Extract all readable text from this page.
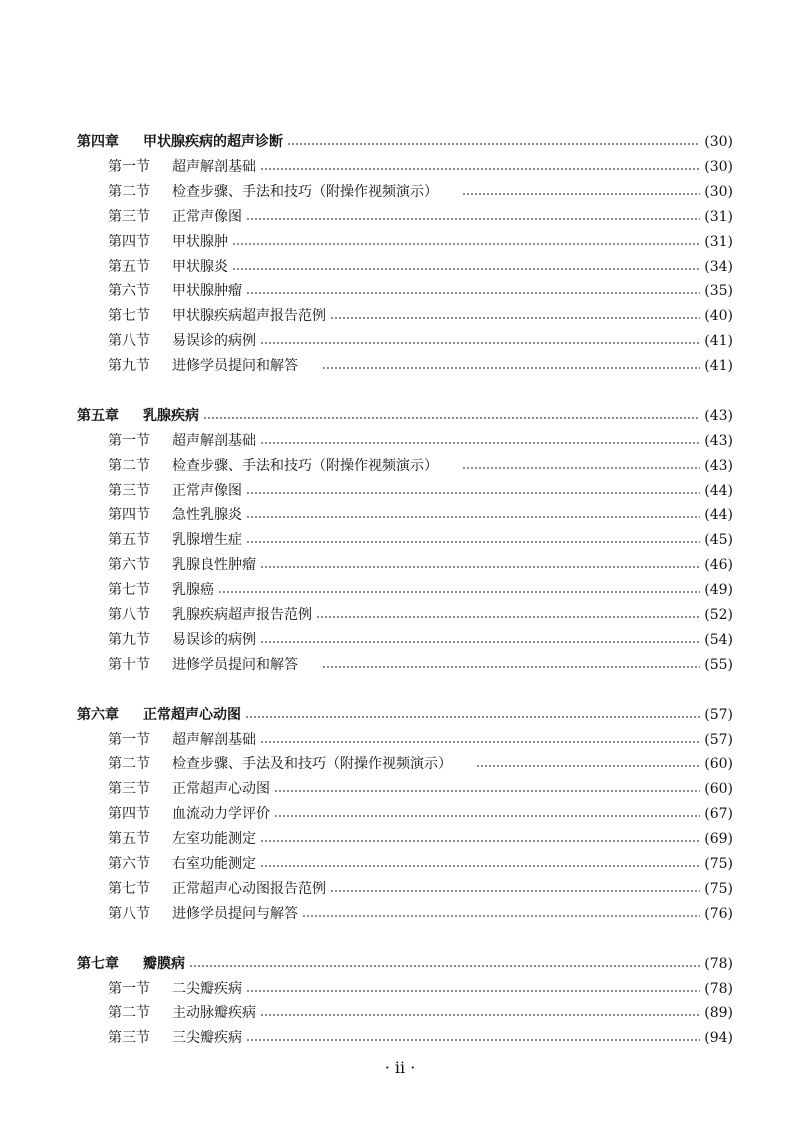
第四章	甲状腺疾病的超声诊断	(30)
第一节	超声解剖基础	(30)
第二节	检查步骤、手法和技巧（附操作视频演示）	(30)
第三节	正常声像图	(31)
第四节	甲状腺肿	(31)
第五节	甲状腺炎	(34)
第六节	甲状腺肿瘤	(35)
第七节	甲状腺疾病超声报告范例	(40)
第八节	易误诊的病例	(41)
第九节	进修学员提问和解答	(41)
第五章	乳腺疾病	(43)
第一节	超声解剖基础	(43)
第二节	检查步骤、手法和技巧（附操作视频演示）	(43)
第三节	正常声像图	(44)
第四节	急性乳腺炎	(44)
第五节	乳腺增生症	(45)
第六节	乳腺良性肿瘤	(46)
第七节	乳腺癌	(49)
第八节	乳腺疾病超声报告范例	(52)
第九节	易误诊的病例	(54)
第十节	进修学员提问和解答	(55)
第六章	正常超声心动图	(57)
第一节	超声解剖基础	(57)
第二节	检查步骤、手法及和技巧（附操作视频演示）	(60)
第三节	正常超声心动图	(60)
第四节	血流动力学评价	(67)
第五节	左室功能测定	(69)
第六节	右室功能测定	(75)
第七节	正常超声心动图报告范例	(75)
第八节	进修学员提问与解答	(76)
第七章	瓣膜病	(78)
第一节	二尖瓣疾病	(78)
第二节	主动脉瓣疾病	(89)
第三节	三尖瓣疾病	(94)
· ii ·
